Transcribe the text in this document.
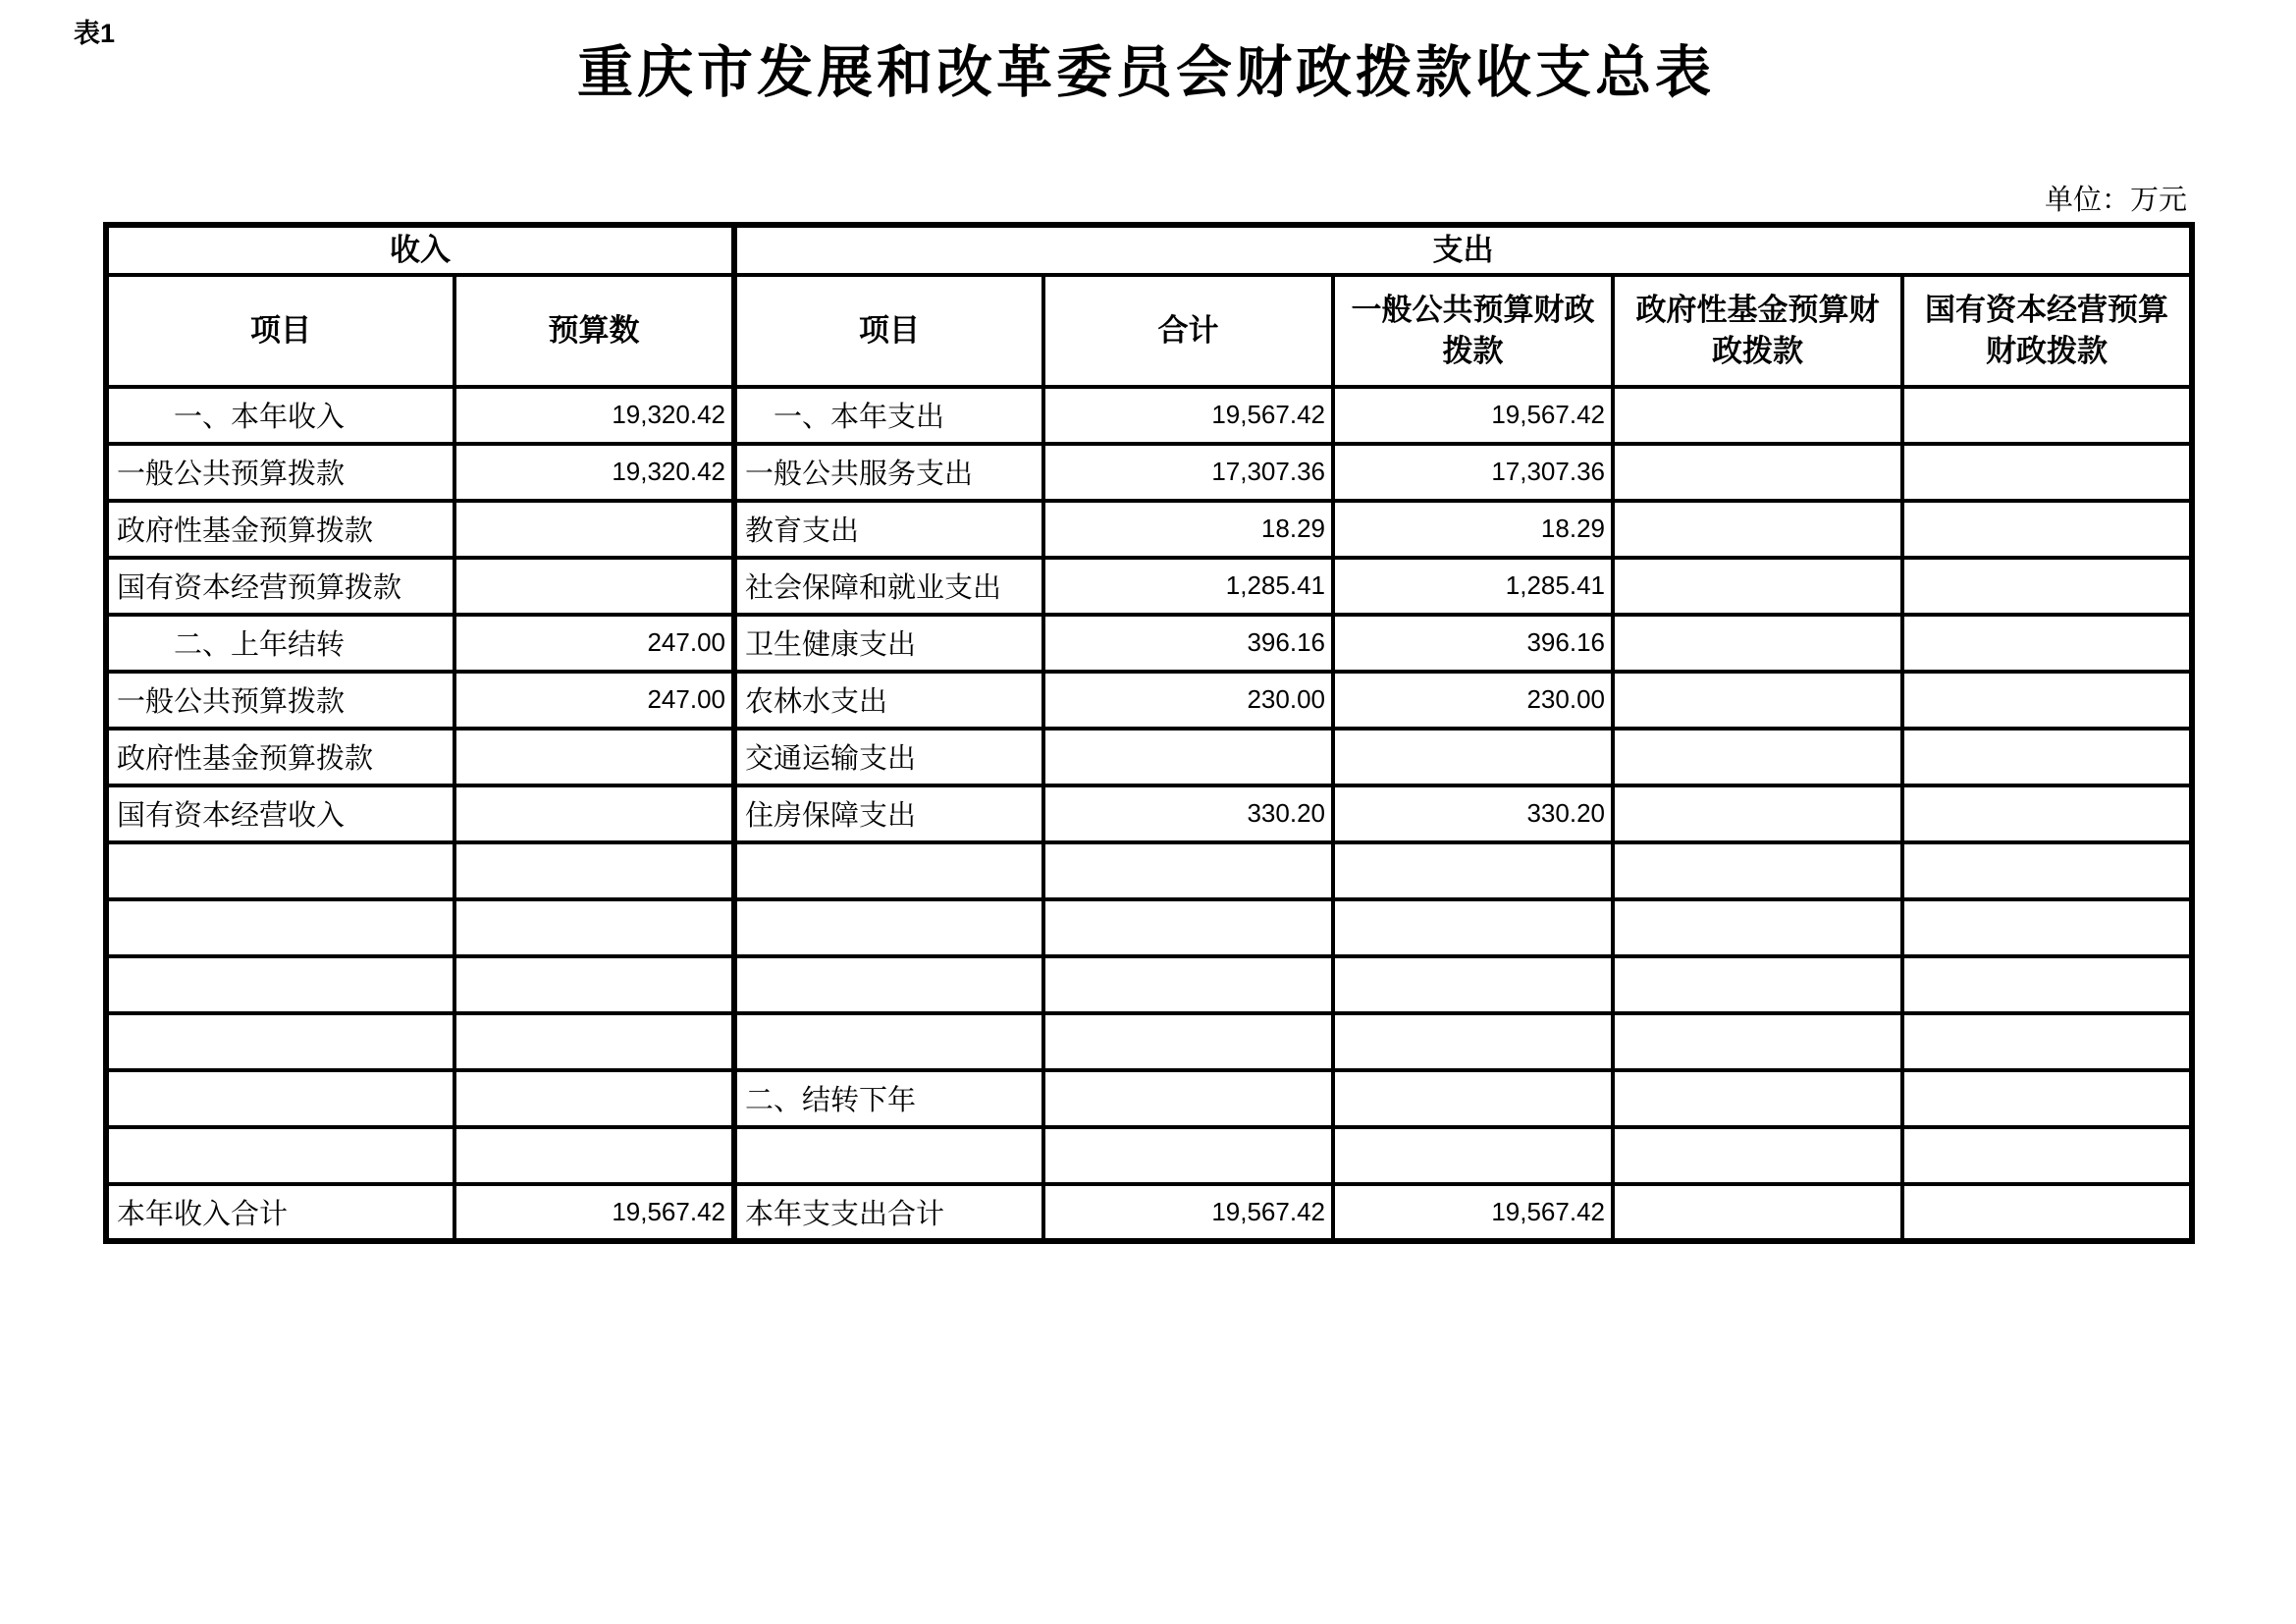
表1
重庆市发展和改革委员会财政拨款收支总表
单位：万元
收入		支出				
项目	预算数	项目	合计	一般公共预算财政拨款	政府性基金预算财政拨款	国有资本经营预算财政拨款
　　一、本年收入	19,320.42	　一、本年支出	19,567.42	19,567.42		
一般公共预算拨款	19,320.42	一般公共服务支出	17,307.36	17,307.36		
政府性基金预算拨款		教育支出	18.29	18.29		
国有资本经营预算拨款		社会保障和就业支出	1,285.41	1,285.41		
　　二、上年结转	247.00	卫生健康支出	396.16	396.16		
一般公共预算拨款	247.00	农林水支出	230.00	230.00		
政府性基金预算拨款		交通运输支出				
国有资本经营收入		住房保障支出	330.20	330.20		

		二、结转下年				

本年收入合计	19,567.42	本年支支出合计	19,567.42	19,567.42		
